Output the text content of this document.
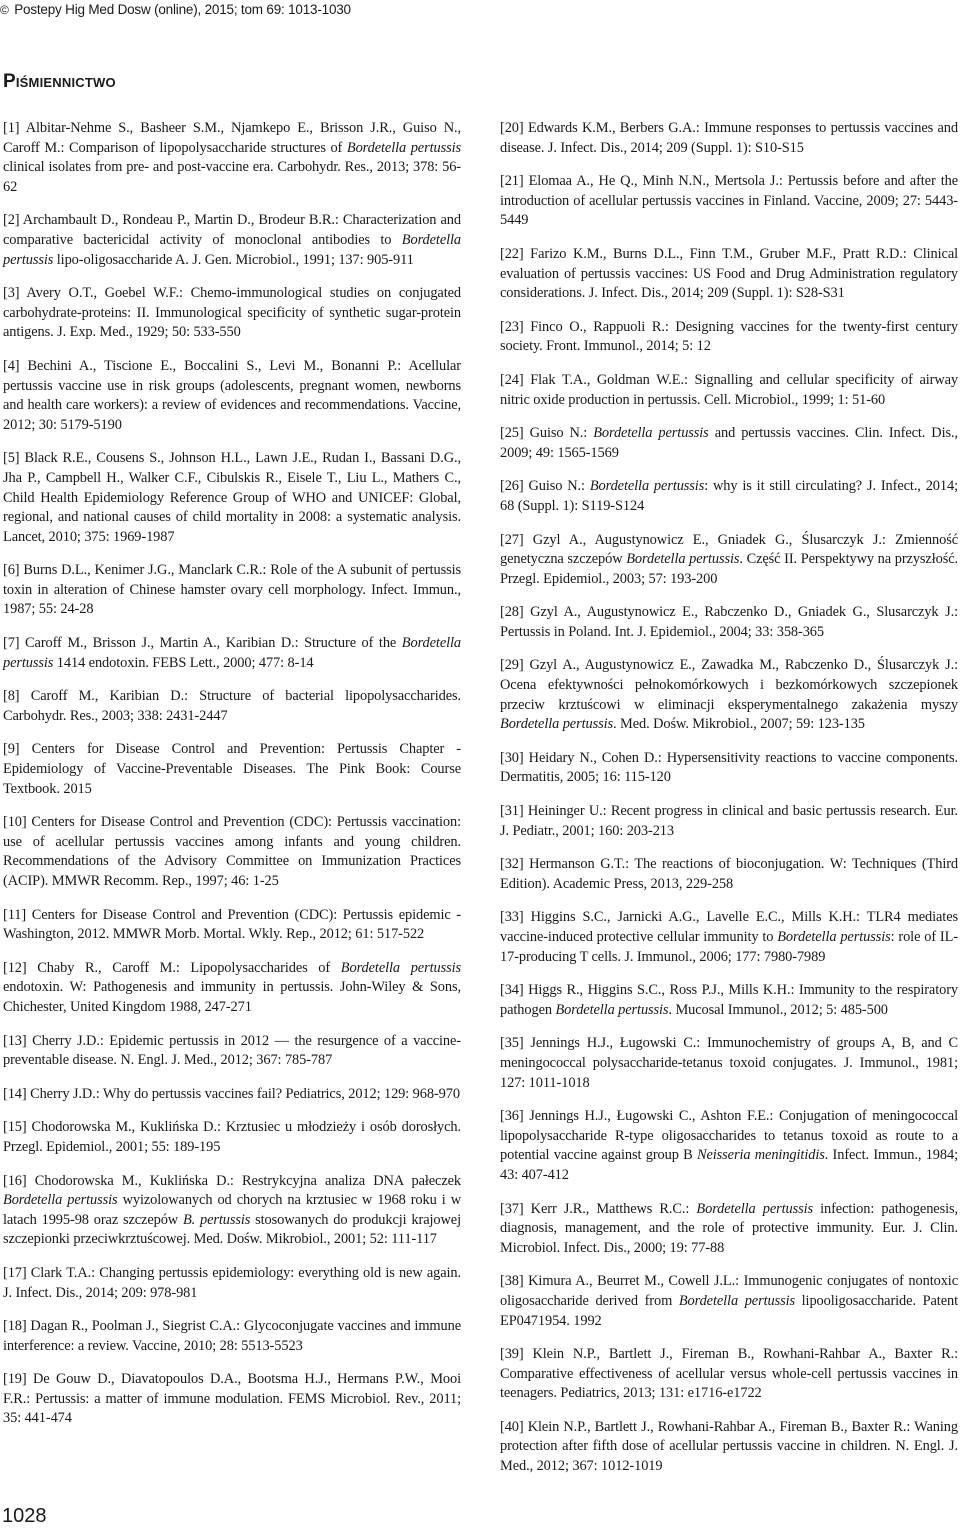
© Postepy Hig Med Dosw (online), 2015; tom 69: 1013-1030
Piśmiennictwo

[1] Albitar-Nehme S., Basheer S.M., Njamkepo E., Brisson J.R., Guiso N., Caroff M.: Comparison of lipopolysaccharide structures of Bordetella pertussis clinical isolates from pre- and post-vaccine era. Carbohydr. Res., 2013; 378: 56-62

[2] Archambault D., Rondeau P., Martin D., Brodeur B.R.: Characterization and comparative bactericidal activity of monoclonal antibodies to Bordetella pertussis lipo-oligosaccharide A. J. Gen. Microbiol., 1991; 137: 905-911

[3] Avery O.T., Goebel W.F.: Chemo-immunological studies on conjugated carbohydrate-proteins: II. Immunological specificity of synthetic sugar-protein antigens. J. Exp. Med., 1929; 50: 533-550

[4] Bechini A., Tiscione E., Boccalini S., Levi M., Bonanni P.: Acellular pertussis vaccine use in risk groups (adolescents, pregnant women, newborns and health care workers): a review of evidences and recommendations. Vaccine, 2012; 30: 5179-5190

[5] Black R.E., Cousens S., Johnson H.L., Lawn J.E., Rudan I., Bassani D.G., Jha P., Campbell H., Walker C.F., Cibulskis R., Eisele T., Liu L., Mathers C., Child Health Epidemiology Reference Group of WHO and UNICEF: Global, regional, and national causes of child mortality in 2008: a systematic analysis. Lancet, 2010; 375: 1969-1987

[6] Burns D.L., Kenimer J.G., Manclark C.R.: Role of the A subunit of pertussis toxin in alteration of Chinese hamster ovary cell morphology. Infect. Immun., 1987; 55: 24-28

[7] Caroff M., Brisson J., Martin A., Karibian D.: Structure of the Bordetella pertussis 1414 endotoxin. FEBS Lett., 2000; 477: 8-14

[8] Caroff M., Karibian D.: Structure of bacterial lipopolysaccharides. Carbohydr. Res., 2003; 338: 2431-2447

[9] Centers for Disease Control and Prevention: Pertussis Chapter - Epidemiology of Vaccine-Preventable Diseases. The Pink Book: Course Textbook. 2015

[10] Centers for Disease Control and Prevention (CDC): Pertussis vaccination: use of acellular pertussis vaccines among infants and young children. Recommendations of the Advisory Committee on Immunization Practices (ACIP). MMWR Recomm. Rep., 1997; 46: 1-25

[11] Centers for Disease Control and Prevention (CDC): Pertussis epidemic - Washington, 2012. MMWR Morb. Mortal. Wkly. Rep., 2012; 61: 517-522

[12] Chaby R., Caroff M.: Lipopolysaccharides of Bordetella pertussis endotoxin. W: Pathogenesis and immunity in pertussis. John-Wiley & Sons, Chichester, United Kingdom 1988, 247-271

[13] Cherry J.D.: Epidemic pertussis in 2012 — the resurgence of a vaccine-preventable disease. N. Engl. J. Med., 2012; 367: 785-787

[14] Cherry J.D.: Why do pertussis vaccines fail? Pediatrics, 2012; 129: 968-970

[15] Chodorowska M., Kuklińska D.: Krztusiec u młodzieży i osób dorosłych. Przegl. Epidemiol., 2001; 55: 189-195

[16] Chodorowska M., Kuklińska D.: Restrykcyjna analiza DNA pałeczek Bordetella pertussis wyizolowanych od chorych na krztusiec w 1968 roku i w latach 1995-98 oraz szczepów B. pertussis stosowanych do produkcji krajowej szczepionki przeciwkrztuścowej. Med. Dośw. Mikrobiol., 2001; 52: 111-117

[17] Clark T.A.: Changing pertussis epidemiology: everything old is new again. J. Infect. Dis., 2014; 209: 978-981

[18] Dagan R., Poolman J., Siegrist C.A.: Glycoconjugate vaccines and immune interference: a review. Vaccine, 2010; 28: 5513-5523

[19] De Gouw D., Diavatopoulos D.A., Bootsma H.J., Hermans P.W., Mooi F.R.: Pertussis: a matter of immune modulation. FEMS Microbiol. Rev., 2011; 35: 441-474

[20] Edwards K.M., Berbers G.A.: Immune responses to pertussis vaccines and disease. J. Infect. Dis., 2014; 209 (Suppl. 1): S10-S15

[21] Elomaa A., He Q., Minh N.N., Mertsola J.: Pertussis before and after the introduction of acellular pertussis vaccines in Finland. Vaccine, 2009; 27: 5443-5449

[22] Farizo K.M., Burns D.L., Finn T.M., Gruber M.F., Pratt R.D.: Clinical evaluation of pertussis vaccines: US Food and Drug Administration regulatory considerations. J. Infect. Dis., 2014; 209 (Suppl. 1): S28-S31

[23] Finco O., Rappuoli R.: Designing vaccines for the twenty-first century society. Front. Immunol., 2014; 5: 12

[24] Flak T.A., Goldman W.E.: Signalling and cellular specificity of airway nitric oxide production in pertussis. Cell. Microbiol., 1999; 1: 51-60

[25] Guiso N.: Bordetella pertussis and pertussis vaccines. Clin. Infect. Dis., 2009; 49: 1565-1569

[26] Guiso N.: Bordetella pertussis: why is it still circulating? J. Infect., 2014; 68 (Suppl. 1): S119-S124

[27] Gzyl A., Augustynowicz E., Gniadek G., Ślusarczyk J.: Zmienność genetyczna szczepów Bordetella pertussis. Część II. Perspektywy na przyszłość. Przegl. Epidemiol., 2003; 57: 193-200

[28] Gzyl A., Augustynowicz E., Rabczenko D., Gniadek G., Slusarczyk J.: Pertussis in Poland. Int. J. Epidemiol., 2004; 33: 358-365

[29] Gzyl A., Augustynowicz E., Zawadka M., Rabczenko D., Ślusarczyk J.: Ocena efektywności pełnokomórkowych i bezkomórkowych szczepionek przeciw krztuścowi w eliminacji eksperymentalnego zakażenia myszy Bordetella pertussis. Med. Dośw. Mikrobiol., 2007; 59: 123-135

[30] Heidary N., Cohen D.: Hypersensitivity reactions to vaccine components. Dermatitis, 2005; 16: 115-120

[31] Heininger U.: Recent progress in clinical and basic pertussis research. Eur. J. Pediatr., 2001; 160: 203-213

[32] Hermanson G.T.: The reactions of bioconjugation. W: Techniques (Third Edition). Academic Press, 2013, 229-258

[33] Higgins S.C., Jarnicki A.G., Lavelle E.C., Mills K.H.: TLR4 mediates vaccine-induced protective cellular immunity to Bordetella pertussis: role of IL-17-producing T cells. J. Immunol., 2006; 177: 7980-7989

[34] Higgs R., Higgins S.C., Ross P.J., Mills K.H.: Immunity to the respiratory pathogen Bordetella pertussis. Mucosal Immunol., 2012; 5: 485-500

[35] Jennings H.J., Ługowski C.: Immunochemistry of groups A, B, and C meningococcal polysaccharide-tetanus toxoid conjugates. J. Immunol., 1981; 127: 1011-1018

[36] Jennings H.J., Ługowski C., Ashton F.E.: Conjugation of meningococcal lipopolysaccharide R-type oligosaccharides to tetanus toxoid as route to a potential vaccine against group B Neisseria meningitidis. Infect. Immun., 1984; 43: 407-412

[37] Kerr J.R., Matthews R.C.: Bordetella pertussis infection: pathogenesis, diagnosis, management, and the role of protective immunity. Eur. J. Clin. Microbiol. Infect. Dis., 2000; 19: 77-88

[38] Kimura A., Beurret M., Cowell J.L.: Immunogenic conjugates of nontoxic oligosaccharide derived from Bordetella pertussis lipooligosaccharide. Patent EP0471954. 1992

[39] Klein N.P., Bartlett J., Fireman B., Rowhani-Rahbar A., Baxter R.: Comparative effectiveness of acellular versus whole-cell pertussis vaccines in teenagers. Pediatrics, 2013; 131: e1716-e1722

[40] Klein N.P., Bartlett J., Rowhani-Rahbar A., Fireman B., Baxter R.: Waning protection after fifth dose of acellular pertussis vaccine in children. N. Engl. J. Med., 2012; 367: 1012-1019

1028
